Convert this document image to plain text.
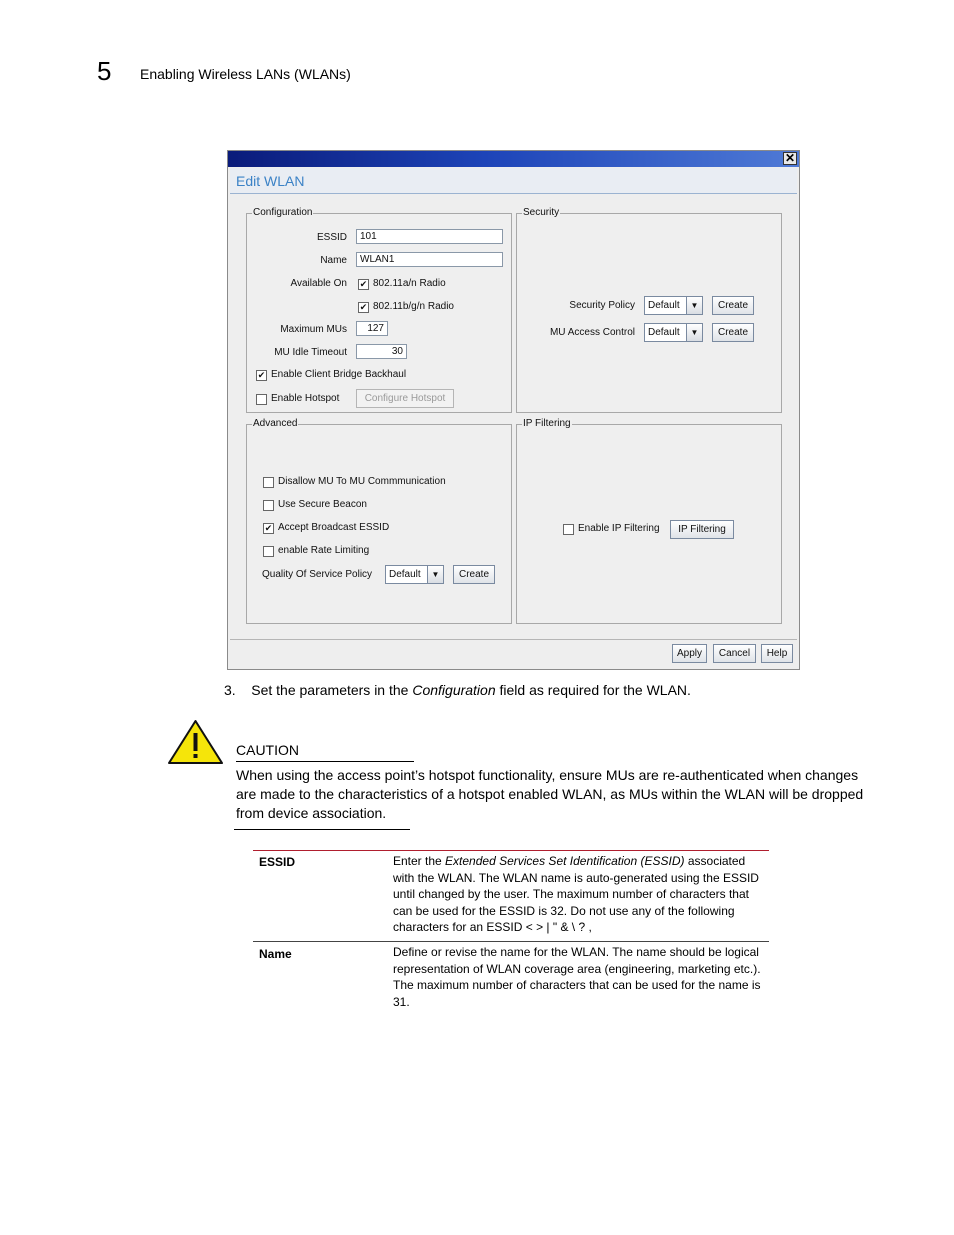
5 Enabling Wireless LANs (WLANs)
✕
Edit WLAN
Configuration
ESSID	101
Name	WLAN1
Available On ✔ 802.11a/n Radio
✔ 802.11b/g/n Radio
Maximum MUs	127
MU Idle Timeout	30
✔ Enable Client Bridge Backhaul
Enable Hotspot	Configure Hotspot
Security
Security Policy	Default	▼	Create
MU Access Control	Default	▼	Create
Advanced
Disallow MU To MU Commmunication
Use Secure Beacon
✔ Accept Broadcast ESSID
enable Rate Limiting
Quality Of Service Policy	Default	▼	Create
IP Filtering
Enable IP Filtering	IP Filtering
Apply	Cancel	Help
3. Set the parameters in the Configuration field as required for the WLAN.
CAUTION
When using the access point’s hotspot functionality, ensure MUs are re-authenticated when changes are made to the characteristics of a hotspot enabled WLAN, as MUs within the WLAN will be dropped from device association.
ESSID	Enter the Extended Services Set Identification (ESSID) associated with the WLAN. The WLAN name is auto-generated using the ESSID until changed by the user. The maximum number of characters that can be used for the ESSID is 32. Do not use any of the following characters for an ESSID < > | " & \ ? ,
Name	Define or revise the name for the WLAN. The name should be logical representation of WLAN coverage area (engineering, marketing etc.). The maximum number of characters that can be used for the name is 31.
